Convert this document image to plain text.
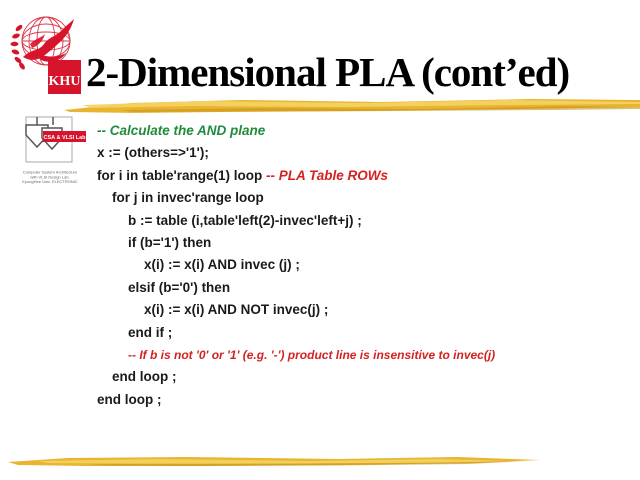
KHU 2-Dimensional PLA (cont’ed)
CSA & VLSI Lab
Computer System Architecture
with VLSI Design Lab.
KyungHee Univ. ELECTRONIC
-- Calculate the AND plane
x := (others=>'1');
for i in table'range(1) loop -- PLA Table ROWs
for j in invec'range loop
b := table (i,table'left(2)-invec'left+j) ;
if (b='1') then
x(i) := x(i) AND invec (j) ;
elsif (b='0') then
x(i) := x(i) AND NOT invec(j) ;
end if ;
-- If b is not '0' or '1' (e.g. '-') product line is insensitive to invec(j)
end loop ;
end loop ;
